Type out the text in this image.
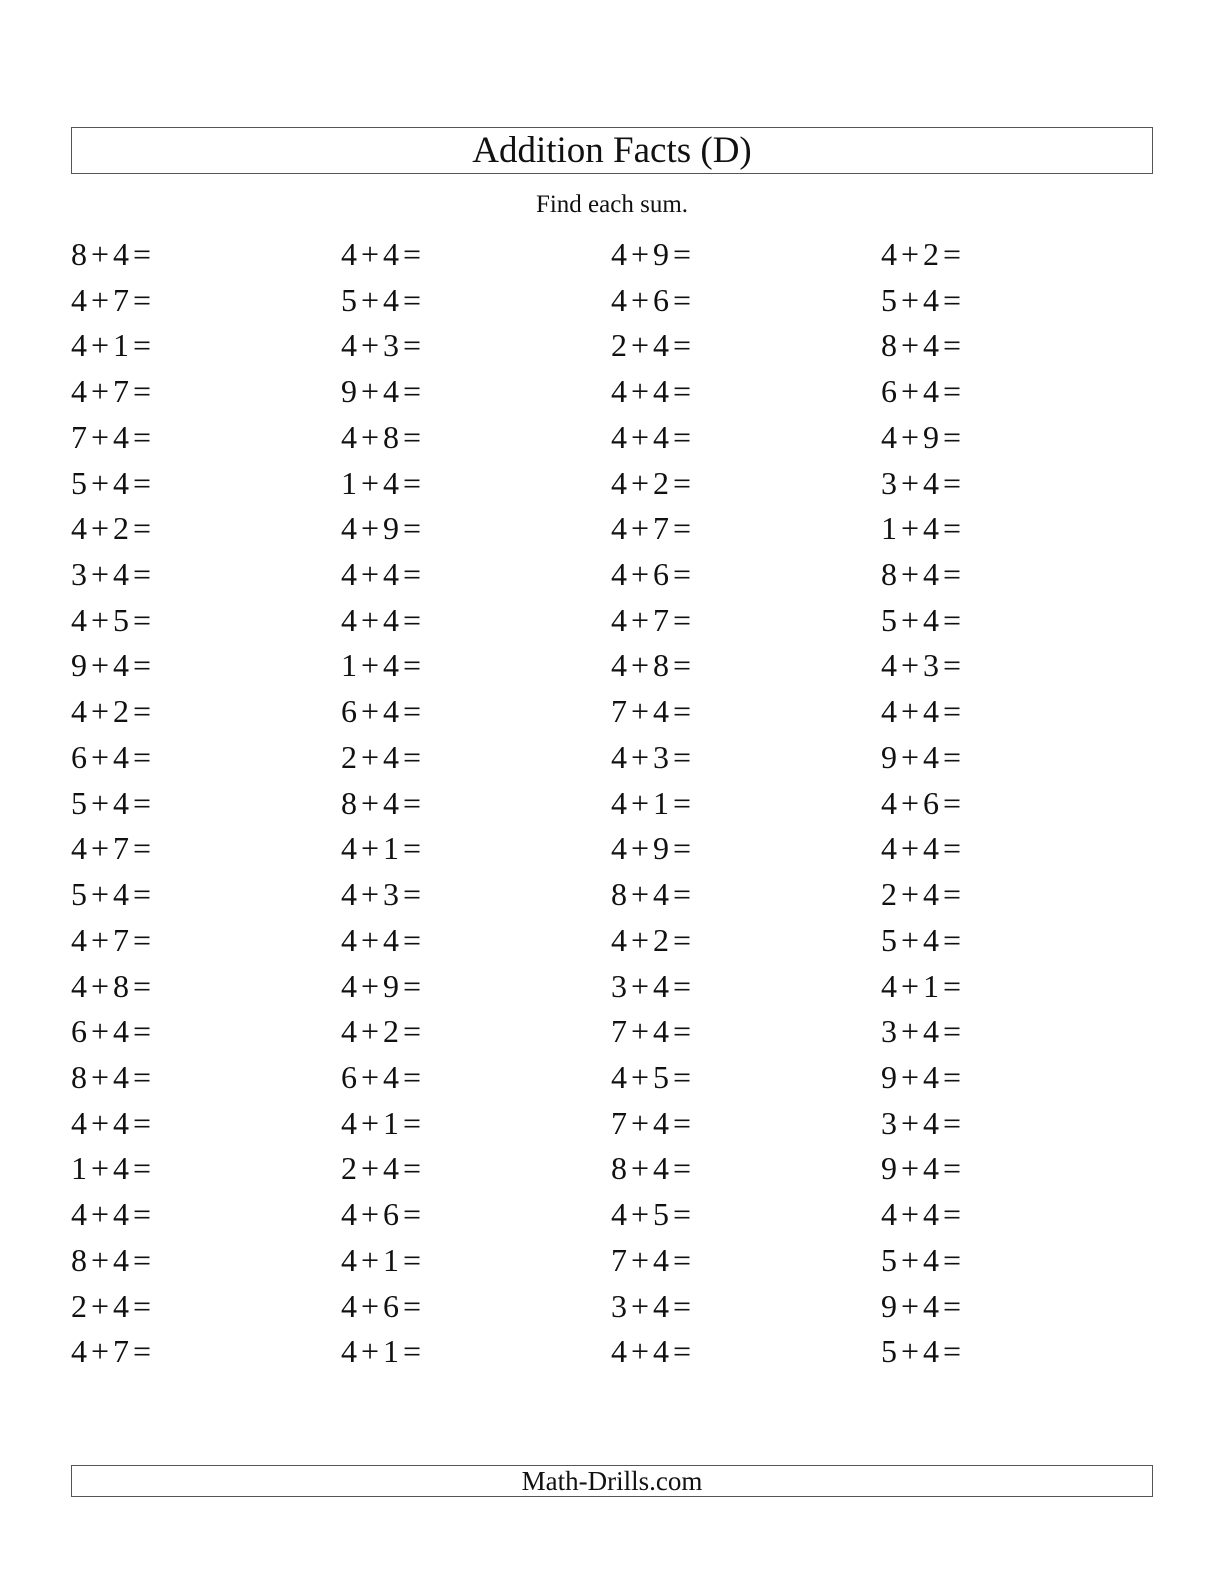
Addition Facts (D)
Find each sum.
8 + 4 =	4 + 4 =	4 + 9 =	4 + 2 =
4 + 7 =	5 + 4 =	4 + 6 =	5 + 4 =
4 + 1 =	4 + 3 =	2 + 4 =	8 + 4 =
4 + 7 =	9 + 4 =	4 + 4 =	6 + 4 =
7 + 4 =	4 + 8 =	4 + 4 =	4 + 9 =
5 + 4 =	1 + 4 =	4 + 2 =	3 + 4 =
4 + 2 =	4 + 9 =	4 + 7 =	1 + 4 =
3 + 4 =	4 + 4 =	4 + 6 =	8 + 4 =
4 + 5 =	4 + 4 =	4 + 7 =	5 + 4 =
9 + 4 =	1 + 4 =	4 + 8 =	4 + 3 =
4 + 2 =	6 + 4 =	7 + 4 =	4 + 4 =
6 + 4 =	2 + 4 =	4 + 3 =	9 + 4 =
5 + 4 =	8 + 4 =	4 + 1 =	4 + 6 =
4 + 7 =	4 + 1 =	4 + 9 =	4 + 4 =
5 + 4 =	4 + 3 =	8 + 4 =	2 + 4 =
4 + 7 =	4 + 4 =	4 + 2 =	5 + 4 =
4 + 8 =	4 + 9 =	3 + 4 =	4 + 1 =
6 + 4 =	4 + 2 =	7 + 4 =	3 + 4 =
8 + 4 =	6 + 4 =	4 + 5 =	9 + 4 =
4 + 4 =	4 + 1 =	7 + 4 =	3 + 4 =
1 + 4 =	2 + 4 =	8 + 4 =	9 + 4 =
4 + 4 =	4 + 6 =	4 + 5 =	4 + 4 =
8 + 4 =	4 + 1 =	7 + 4 =	5 + 4 =
2 + 4 =	4 + 6 =	3 + 4 =	9 + 4 =
4 + 7 =	4 + 1 =	4 + 4 =	5 + 4 =
Math-Drills.com
